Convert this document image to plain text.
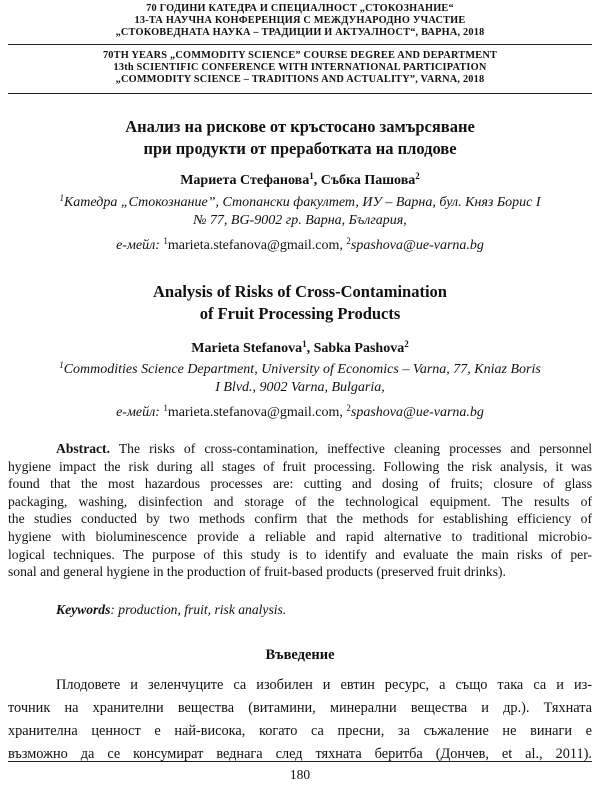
70 ГОДИНИ КАТЕДРА И СПЕЦИАЛНОСТ „СТОКОЗНАНИЕ“
13-ТА НАУЧНА КОНФЕРЕНЦИЯ С МЕЖДУНАРОДНО УЧАСТИЕ
„СТОКОВЕДНАТА НАУКА – ТРАДИЦИИ И АКТУАЛНОСТ“, ВАРНА, 2018
70TH YEARS „COMMODITY SCIENCE” COURSE DEGREE AND DEPARTMENT
13th SCIENTIFIC CONFERENCE WITH INTERNATIONAL PARTICIPATION
„COMMODITY SCIENCE – TRADITIONS AND ACTUALITY”, VARNA, 2018
Анализ на рискове от кръстосано замърсяване
при продукти от преработката на плодове
Мариета Стефанова$^1$, Събка Пашова$^2$
$^1$Катедра „Стокознание”, Стопански факултет, ИУ – Варна, бул. Княз Борис I
№ 77, BG-9002 гр. Варна, България,
e-мейл: $^1$marieta.stefanova@gmail.com, $^2$spashova@ue-varna.bg
Analysis of Risks of Cross-Contamination
of Fruit Processing Products
Marieta Stefanova$^1$, Sabka Pashova$^2$
$^1$Commodities Science Department, University of Economics – Varna, 77, Kniaz Boris
I Blvd., 9002 Varna, Bulgaria,
e-мейл: $^1$marieta.stefanova@gmail.com, $^2$spashova@ue-varna.bg
Abstract. The risks of cross-contamination, ineffective cleaning processes and personnel
hygiene impact the risk during all stages of fruit processing. Following the risk analysis, it was
found that the most hazardous processes are: cutting and dosing of fruits; closure of glass
packaging, washing, disinfection and storage of the technological equipment. The results of
the studies conducted by two methods confirm that the methods for establishing efficiency of
hygiene with bioluminescence provide a reliable and rapid alternative to traditional microbio-
logical techniques. The purpose of this study is to identify and evaluate the main risks of per-
sonal and general hygiene in the production of fruit-based products (preserved fruit drinks).
Keywords: production, fruit, risk analysis.
Въведение
Плодовете и зеленчуците са изобилен и евтин ресурс, а също така са и из-
точник на хранителни вещества (витамини, минерални вещества и др.). Тяхната
хранителна ценност е най-висока, когато са пресни, за съжаление не винаги е
възможно да се консумират веднага след тяхната беритба (Дончев, et al., 2011).
180
